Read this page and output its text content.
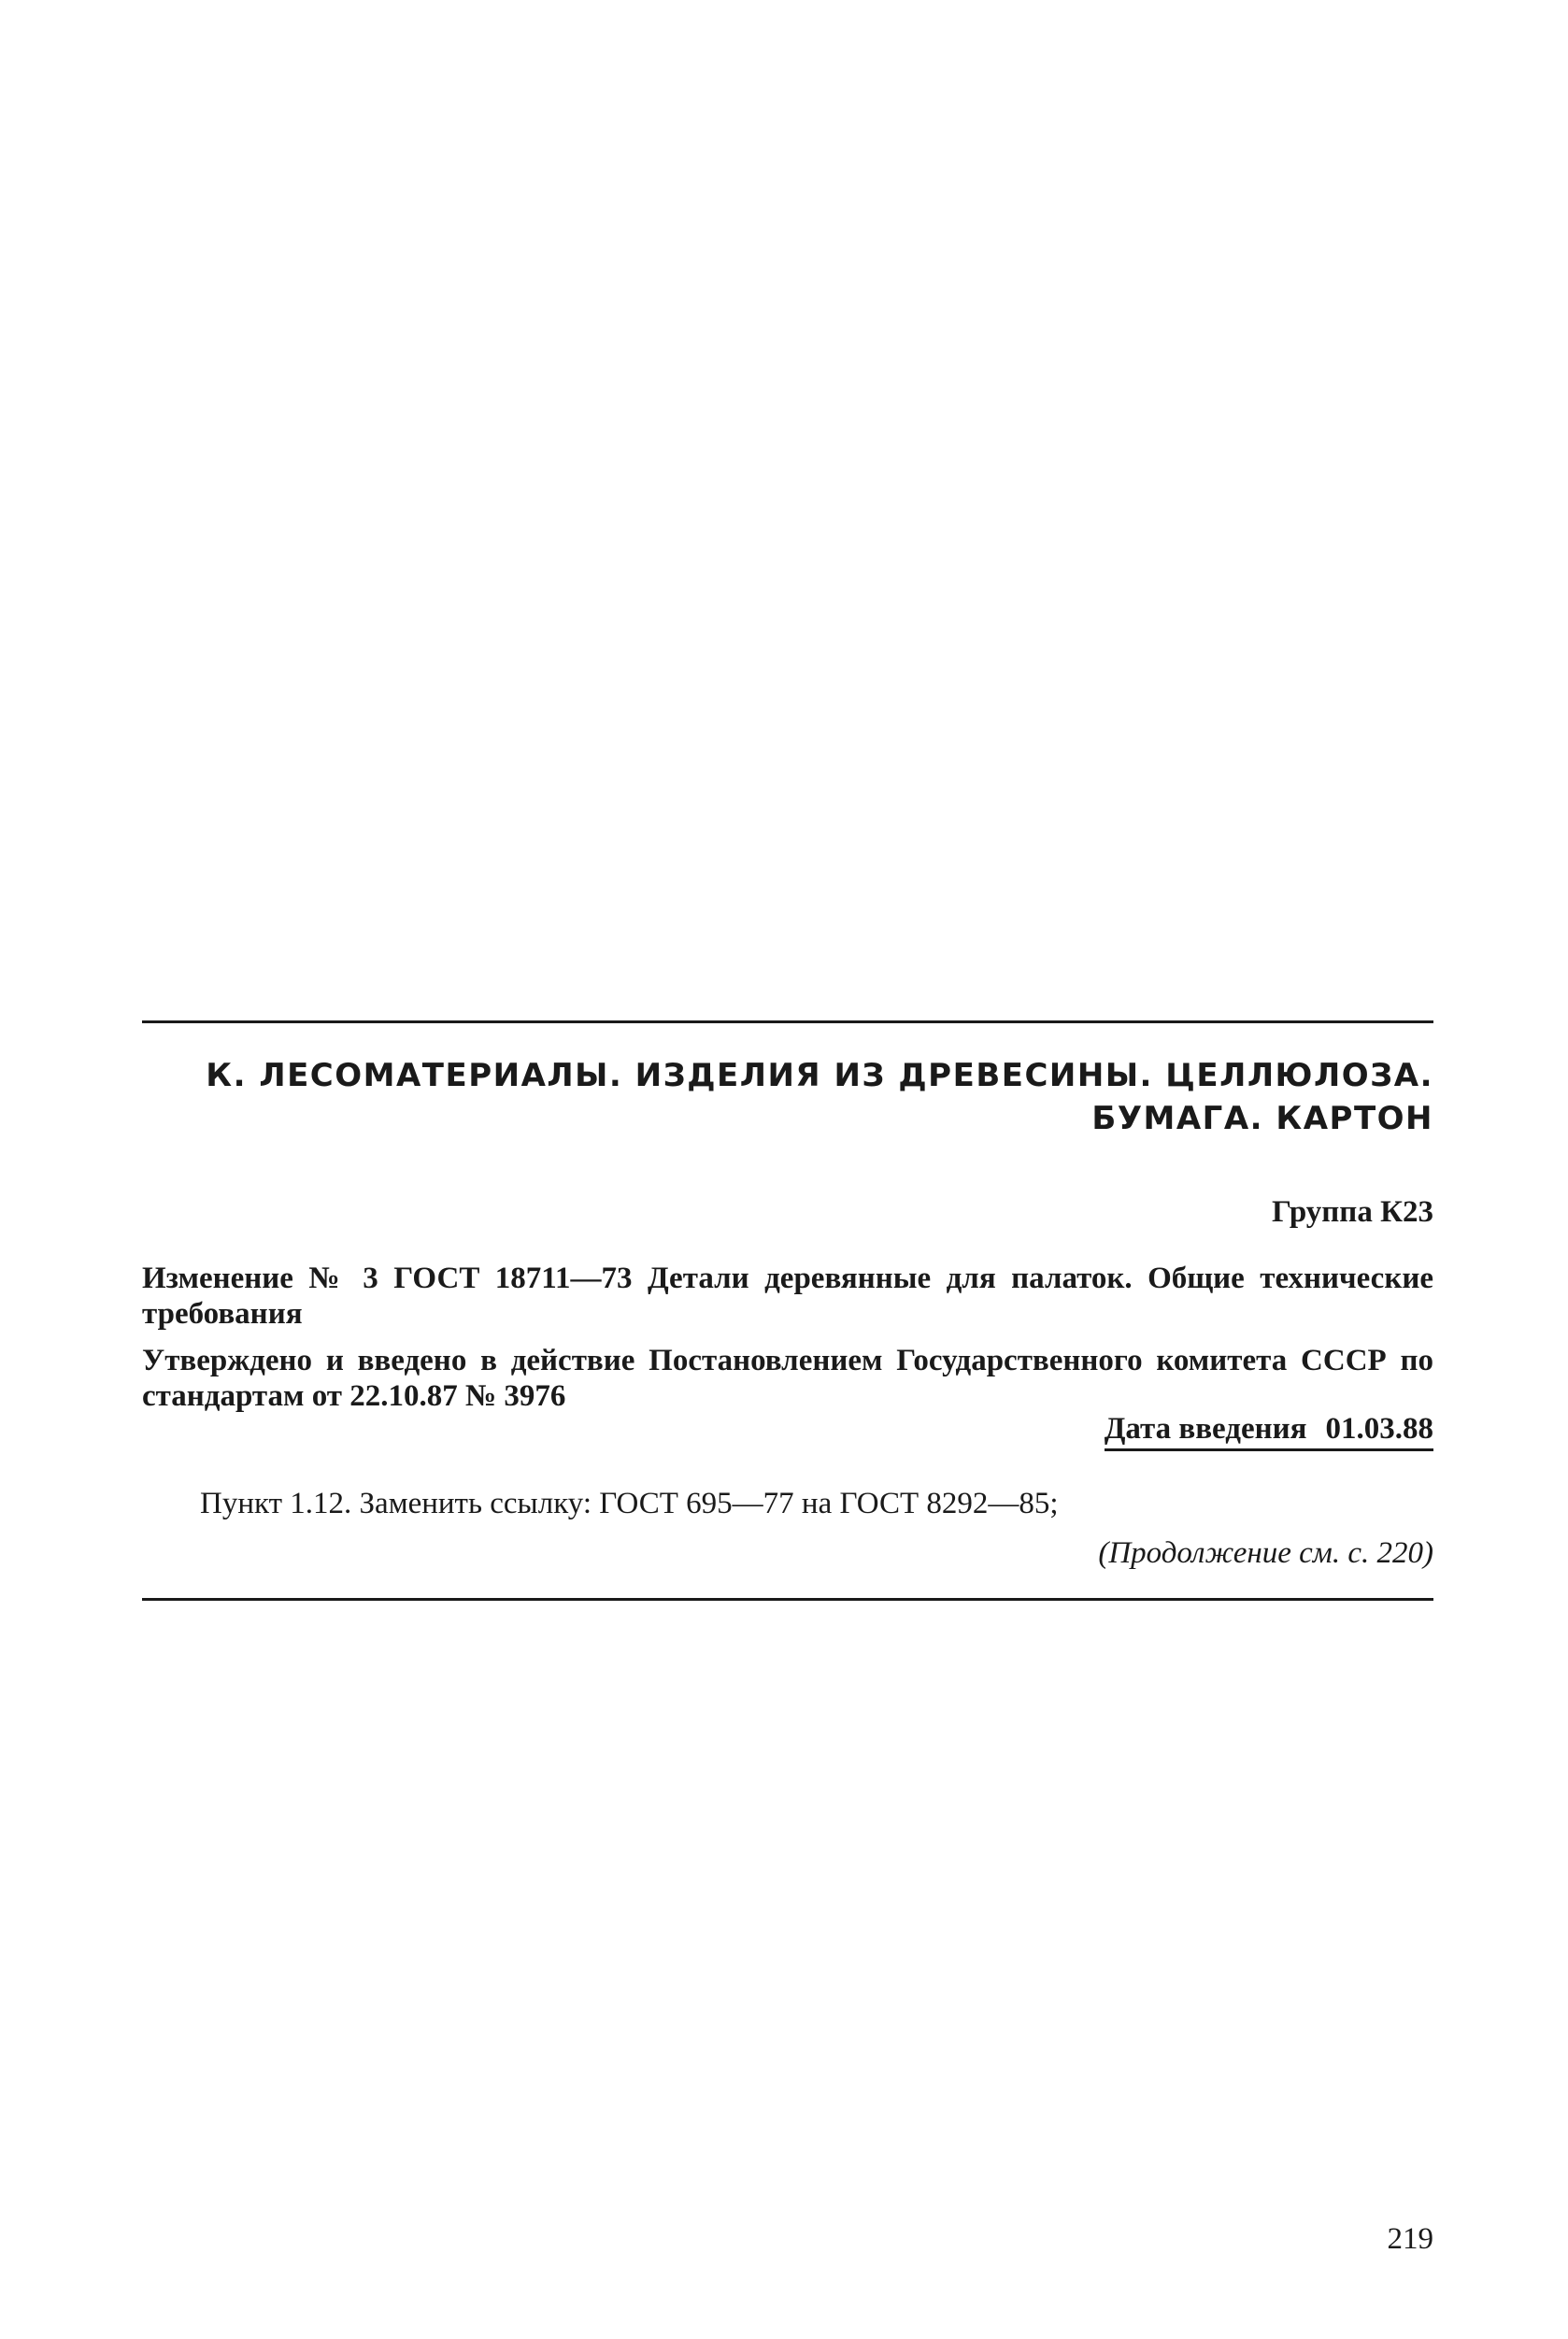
К. ЛЕСОМАТЕРИАЛЫ. ИЗДЕЛИЯ ИЗ ДРЕВЕСИНЫ. ЦЕЛЛЮЛОЗА.
БУМАГА. КАРТОН
Группа К23
Изменение № 3 ГОСТ 18711—73 Детали деревянные для палаток. Общие технические требования
Утверждено и введено в действие Постановлением Государственного комитета СССР по стандартам от 22.10.87 № 3976
Дата введения 01.03.88
Пункт 1.12. Заменить ссылку: ГОСТ 695—77 на ГОСТ 8292—85;
(Продолжение см. с. 220)
219
